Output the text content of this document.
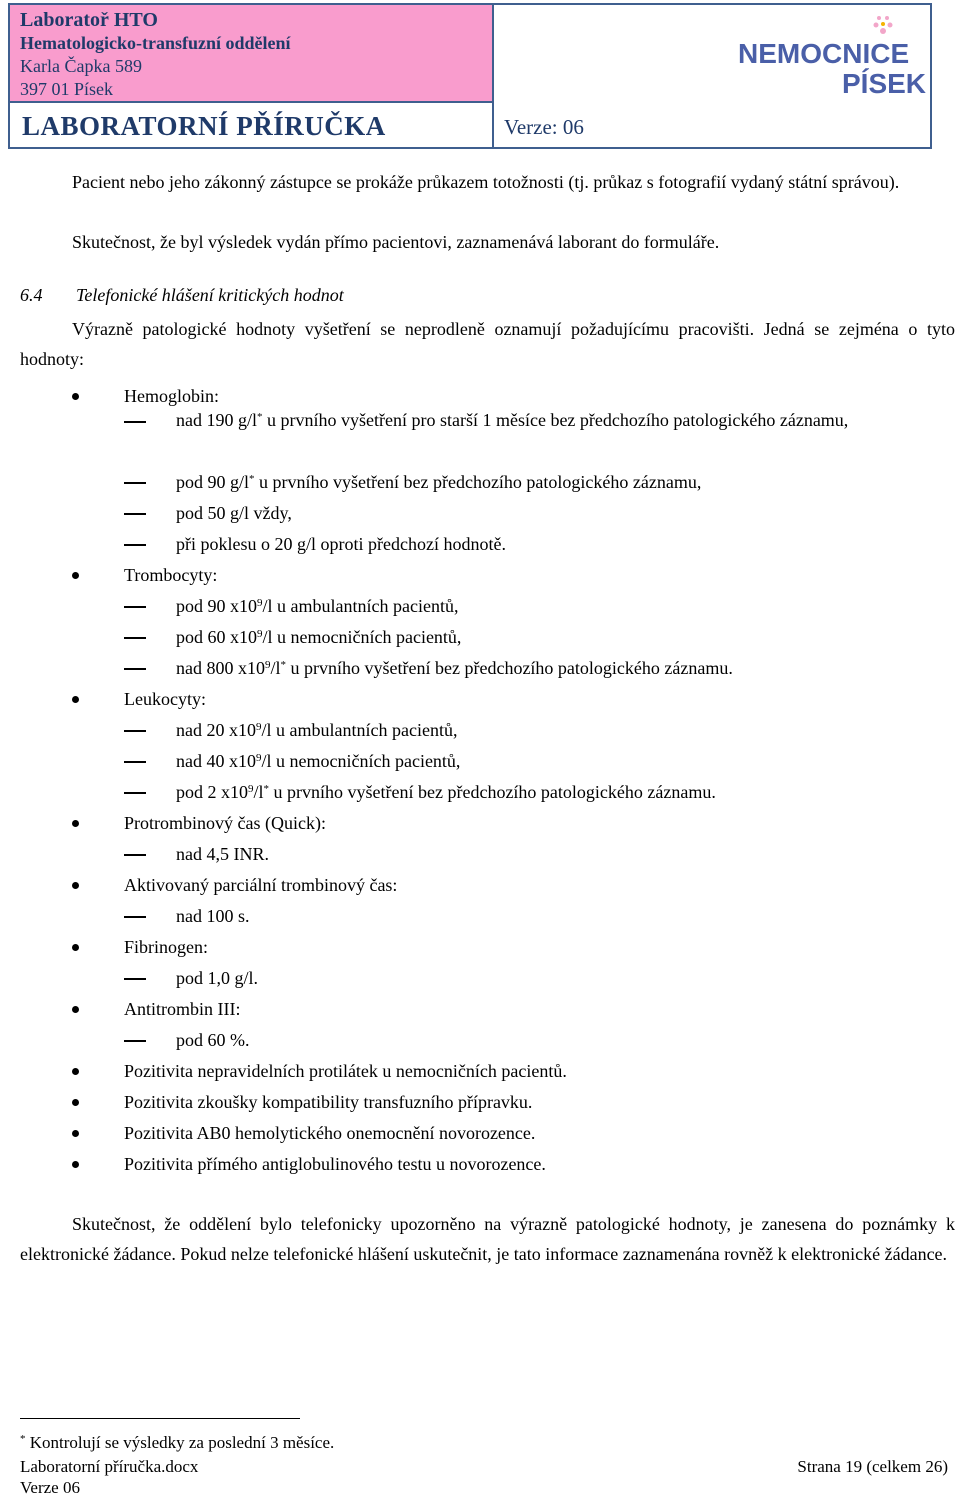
Laboratoř HTO
Hematologicko-transfuzní oddělení
Karla Čapka 589
397 01 Písek
NEMOCNICE
PÍSEK
LABORATORNÍ PŘÍRUČKA	Verze: 06
Pacient nebo jeho zákonný zástupce se prokáže průkazem totožnosti (tj. průkaz s fotografií vydaný státní správou).
Skutečnost, že byl výsledek vydán přímo pacientovi, zaznamenává laborant do formuláře.
6.4 Telefonické hlášení kritických hodnot
Výrazně patologické hodnoty vyšetření se neprodleně oznamují požadujícímu pracovišti. Jedná se zejména o tyto hodnoty:
Hemoglobin:
nad 190 g/l* u prvního vyšetření pro starší 1 měsíce bez předchozího patologického záznamu,
pod 90 g/l* u prvního vyšetření bez předchozího patologického záznamu,
pod 50 g/l vždy,
při poklesu o 20 g/l oproti předchozí hodnotě.
Trombocyty:
pod 90 $x10^9/l$ u ambulantních pacientů,
pod 60 $x10^9/l$ u nemocničních pacientů,
nad 800 $x10^9/l^*$ u prvního vyšetření bez předchozího patologického záznamu.
Leukocyty:
nad 20 $x10^9/l$ u ambulantních pacientů,
nad 40 $x10^9/l$ u nemocničních pacientů,
pod 2 $x10^9/l^*$ u prvního vyšetření bez předchozího patologického záznamu.
Protrombinový čas (Quick):
nad 4,5 INR.
Aktivovaný parciální trombinový čas:
nad 100 s.
Fibrinogen:
pod 1,0 g/l.
Antitrombin III:
pod 60 %.
Pozitivita nepravidelních protilátek u nemocničních pacientů.
Pozitivita zkoušky kompatibility transfuzního přípravku.
Pozitivita AB0 hemolytického onemocnění novorozence.
Pozitivita přímého antiglobulinového testu u novorozence.
Skutečnost, že oddělení bylo telefonicky upozorněno na výrazně patologické hodnoty, je zanesena do poznámky k elektronické žádance. Pokud nelze telefonické hlášení uskutečnit, je tato informace zaznamenána rovněž k elektronické žádance.
* Kontrolují se výsledky za poslední 3 měsíce.
Laboratorní příručka.docx	Strana 19 (celkem 26)
Verze 06
